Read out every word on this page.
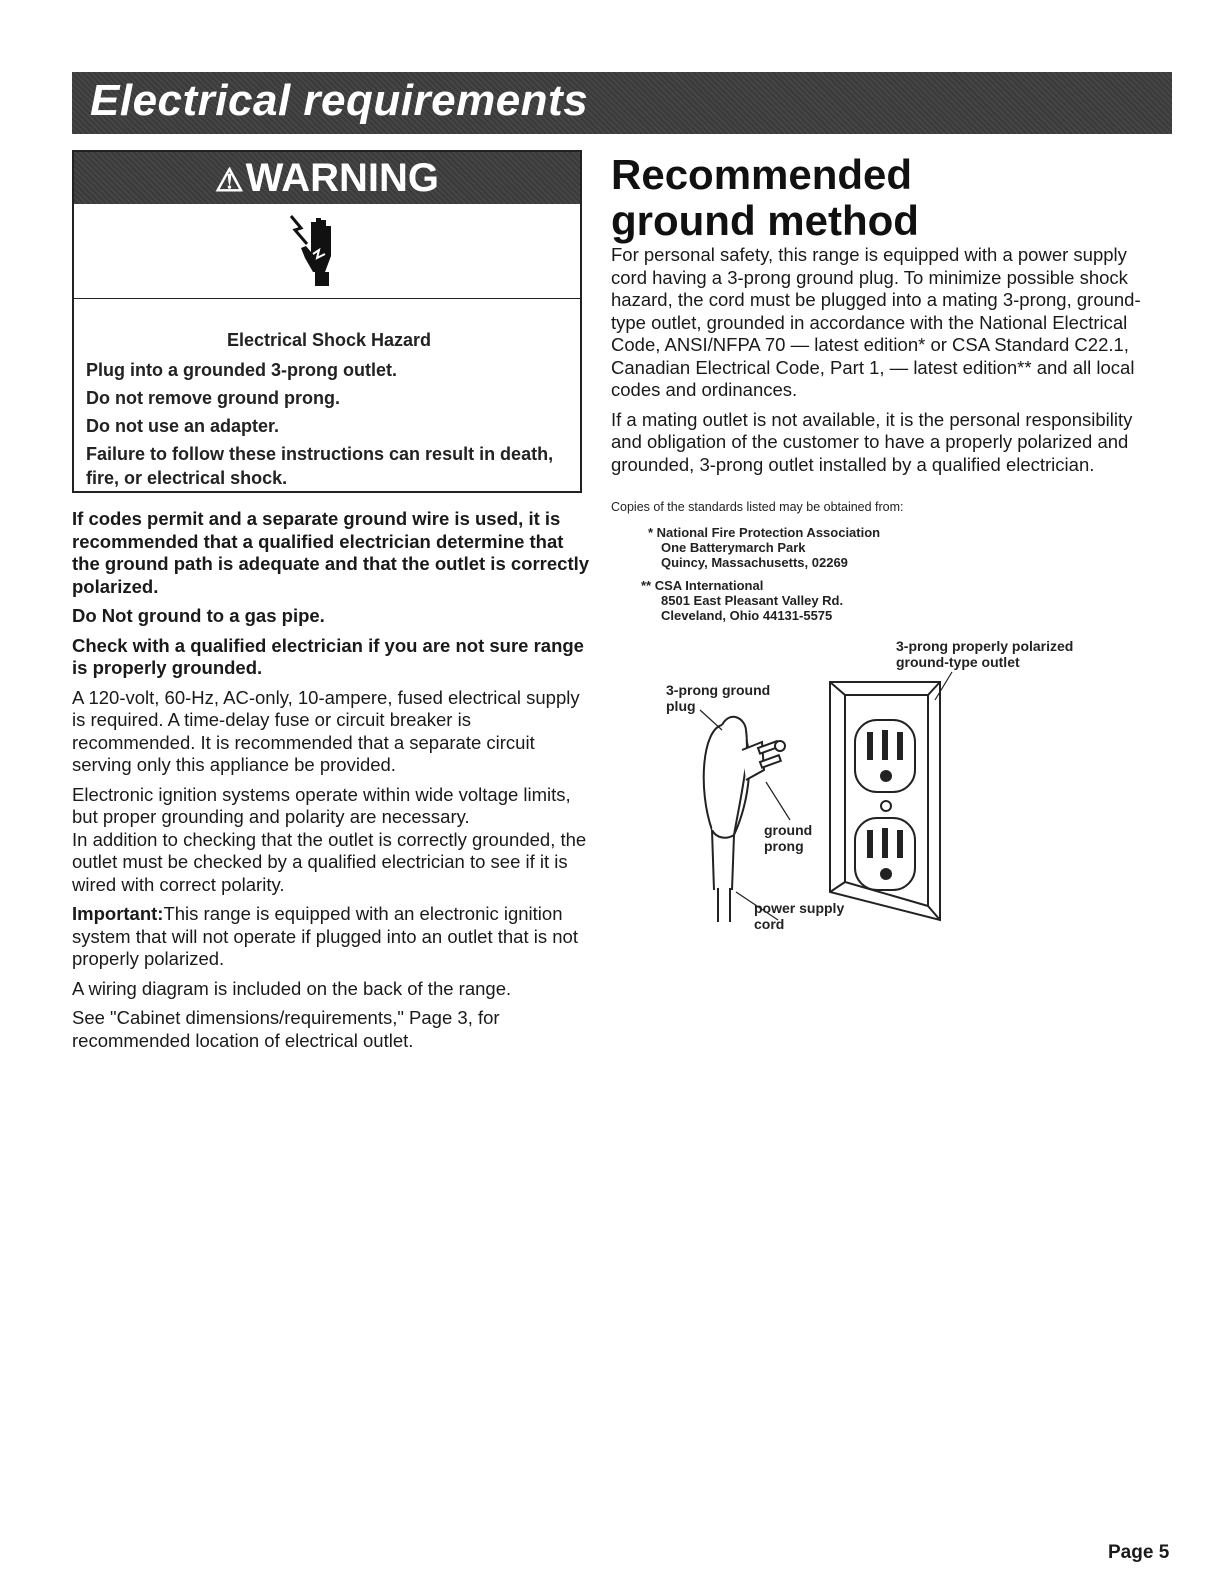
Electrical requirements
⚠WARNING
Electrical Shock Hazard

Plug into a grounded 3-prong outlet.

Do not remove ground prong.

Do not use an adapter.

Failure to follow these instructions can result in death, fire, or electrical shock.

If codes permit and a separate ground wire is used, it is recommended that a qualified electrician determine that the ground path is adequate and that the outlet is correctly polarized.

Do Not ground to a gas pipe.

Check with a qualified electrician if you are not sure range is properly grounded.

A 120-volt, 60-Hz, AC-only, 10-ampere, fused electrical supply is required. A time-delay fuse or circuit breaker is recommended. It is recommended that a separate circuit serving only this appliance be provided.

Electronic ignition systems operate within wide voltage limits, but proper grounding and polarity are necessary.

In addition to checking that the outlet is correctly grounded, the outlet must be checked by a qualified electrician to see if it is wired with correct polarity.

Important:This range is equipped with an electronic ignition system that will not operate if plugged into an outlet that is not properly polarized.

A wiring diagram is included on the back of the range.

See "Cabinet dimensions/requirements," Page 3, for recommended location of electrical outlet.

Recommended
ground method

For personal safety, this range is equipped with a power supply cord having a 3-prong ground plug. To minimize possible shock hazard, the cord must be plugged into a mating 3-prong, ground-type outlet, grounded in accordance with the National Electrical Code, ANSI/NFPA 70 — latest edition* or CSA Standard C22.1, Canadian Electrical Code, Part 1, — latest edition** and all local codes and ordinances.

If a mating outlet is not available, it is the personal responsibility and obligation of the customer to have a properly polarized and grounded, 3-prong outlet installed by a qualified electrician.

Copies of the standards listed may be obtained from:
* National Fire Protection Association
One Batterymarch Park
Quincy, Massachusetts, 02269
** CSA International
8501 East Pleasant Valley Rd.
Cleveland, Ohio 44131-5575
3-prong properly polarized
ground-type outlet
3-prong ground
plug
ground
prong
power supply
cord
Page 5
